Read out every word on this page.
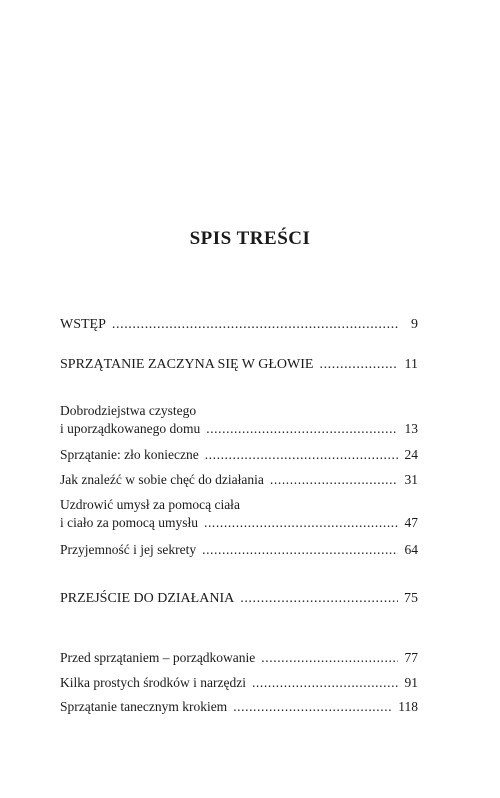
SPIS TREŚCI
WSTĘP .....	9
SPRZĄTANIE ZACZYNA SIĘ W GŁOWIE .....	11
Dobrodziejstwa czystego
i uporządkowanego domu .....	13
Sprzątanie: zło konieczne .....	24
Jak znaleźć w sobie chęć do działania .....	31
Uzdrowić umysł za pomocą ciała
i ciało za pomocą umysłu .....	47
Przyjemność i jej sekrety .....	64
PRZEJŚCIE DO DZIAŁANIA .....	75
Przed sprzątaniem – porządkowanie .....	77
Kilka prostych środków i narzędzi .....	91
Sprzątanie tanecznym krokiem .....	118
